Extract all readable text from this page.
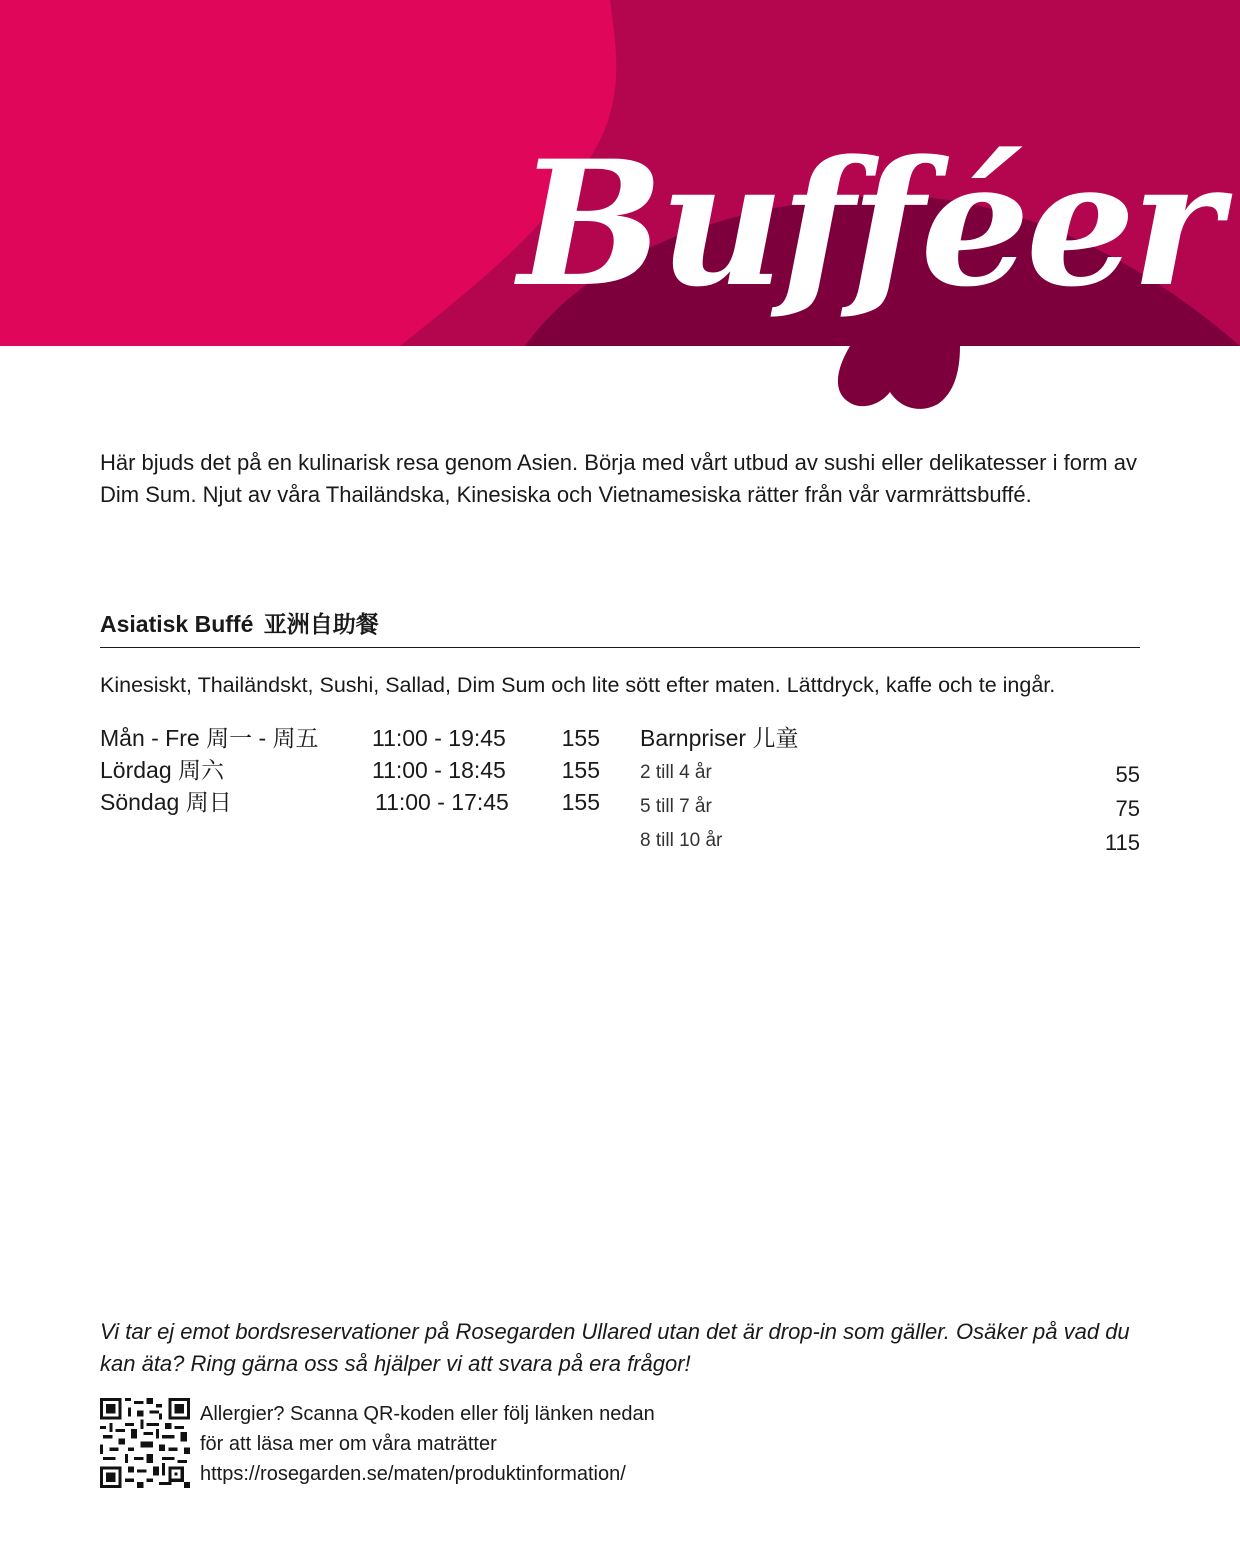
Bufféer

Här bjuds det på en kulinarisk resa genom Asien. Börja med vårt utbud av sushi eller delikatesser i form av Dim Sum. Njut av våra Thailändska, Kinesiska och Vietnamesiska rätter från vår varmrättsbuffé.

Asiatisk Buffé 亚洲自助餐

Kinesiskt, Thailändskt, Sushi, Sallad, Dim Sum och lite sött efter maten. Lättdryck, kaffe och te ingår.

Mån - Fre 周一 - 周五 11:00 - 19:45 155
Lördag 周六	11:00 - 18:45 155
Söndag 周日	11:00 - 17:45 155
Barnpriser 儿童
2 till 4 år	55
5 till 7 år	75
8 till 10 år	115

Vi tar ej emot bordsreservationer på Rosegarden Ullared utan det är drop-in som gäller. Osäker på vad du kan äta? Ring gärna oss så hjälper vi att svara på era frågor!

Allergier? Scanna QR-koden eller följ länken nedan
för att läsa mer om våra maträtter
https://rosegarden.se/maten/produktinformation/
